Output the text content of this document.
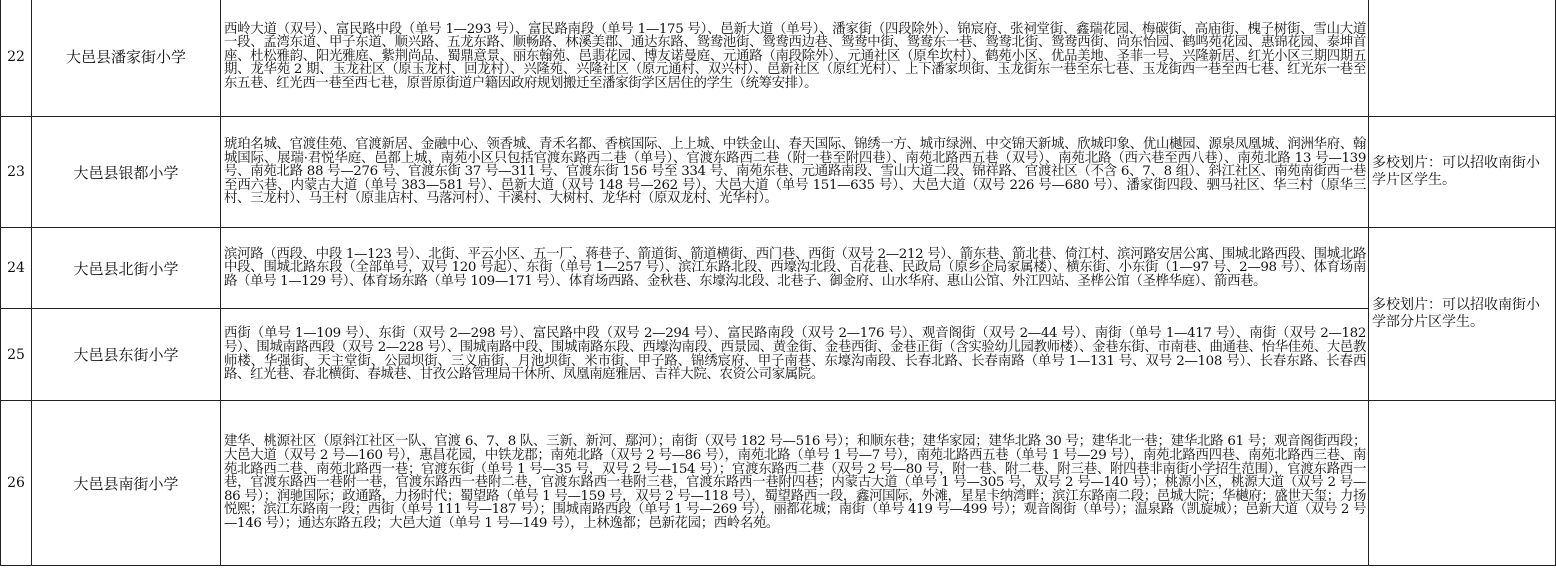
22	大邑县潘家街小学	西岭大道（双号）、富民路中段（单号 1—293 号）、富民路南段（单号 1—175 号）、邑新大道（单号）、潘家街（四段除外）、锦宸府、张祠堂街、鑫瑞花园、梅碳街、高庙街、槐子树街、雪山大道一段、孟湾东道、甲子东道、顺兴路、五龙东路、顺畅路、林溪美郡、通达东路、鸳鸯池街、鸳鸯西边巷、鸳鸯中街、鸳鸯东一巷、鸳鸯北街、鸳鸯西街、尚东怡园、鹤鸣苑花园、惠锦花园、泰坤首座、杜松雅韵、阳光雅庭、紫荆尚品、蜀鼎意景、丽东翰苑、邑翡花园、博友诺曼庭、元通路（南段除外）、元通社区（原牟坎村）、鹤苑小区、优品美地、圣菲一号、兴隆新居、红光小区三期四期五期、龙华苑 2 期、玉龙社区（原玉龙村、回龙村）、兴隆苑、兴隆社区（原元通村、双兴村）、邑新社区（原红光村）、上下潘家坝街、玉龙街东一巷至东七巷、玉龙街西一巷至西七巷、红光东一巷至东五巷、红光西一巷至西七巷，原晋原街道户籍因政府规划搬迁至潘家街学区居住的学生（统筹安排）。	
23	大邑县银都小学	琥珀名城、官渡佳苑、官渡新居、金融中心、领香城、青禾名都、香槟国际、上上城、中铁金山、春天国际、锦绣一方、城市绿洲、中交锦天新城、欣城印象、优山樾园、源泉凤凰城、润洲华府、翰城国际、展瑞·君悦华庭、邑都上城、南苑小区只包括官渡东路西二巷（单号）、官渡东路西二巷（附一巷至附四巷）、南苑北路西五巷（双号）、南苑北路（西六巷至西八巷）、南苑北路 13 号—139 号、南苑北路 88 号—276 号、官渡东街 37 号—311 号、官渡东街 156 号至 334 号、南苑东巷、元通路南段、雪山大道二段、锦祥路、官渡社区（不含 6、7、8 组）、斜江社区、南苑南街西一巷至西六巷、内蒙古大道（单号 383—581 号）、邑新大道（双号 148 号—262 号）、大邑大道（单号 151—635 号）、大邑大道（双号 226 号—680 号）、潘家街四段、驷马社区、华三村（原华三村、三龙村）、马王村（原韭店村、马落河村）、干溪村、大树村、龙华村（原双龙村、光华村）。	多校划片：可以招收南街小学片区学生。
24	大邑县北街小学	滨河路（西段、中段 1—123 号）、北街、平云小区、五一厂、蒋巷子、箭道街、箭道横街、西门巷、西街（双号 2—212 号）、箭东巷、箭北巷、倚江村、滨河路安居公寓、围城北路西段、围城北路中段、围城北路东段（全部单号，双号 120 号起）、东街（单号 1—257 号）、滨江东路北段、西壕沟北段、百花巷、民政局（原乡企局家属楼）、横东街、小东街（1—97 号、2—98 号）、体育场南路（单号 1—129 号）、体育场东路（单号 109—171 号）、体育场西路、金秋巷、东壕沟北段、北巷子、御金府、山水华府、惠山公馆、外江四站、圣桦公馆（圣桦华庭）、箭西巷。	多校划片：可以招收南街小学部分片区学生。
25	大邑县东街小学	西街（单号 1—109 号）、东街（双号 2—298 号）、富民路中段（双号 2—294 号）、富民路南段（双号 2—176 号）、观音阁街（双号 2—44 号）、南街（单号 1—417 号）、南街（双号 2—182 号）、围城南路西段（双号 2—228 号）、围城南路中段、围城南路东段、西壕沟南段、西景园、黄金街、金巷西街、金巷正街（含实验幼儿园教师楼）、金巷东街、市南巷、曲通巷、怡华佳苑、大邑教师楼、华强街、天主堂街、公园坝街、三义庙街、月池坝街、米市街、甲子路、锦绣宸府、甲子南巷、东壕沟南段、长春北路、长春南路（单号 1—131 号、双号 2—108 号）、长春东路、长春西路、红光巷、春北横街、春城巷、甘孜公路管理局干休所、凤凰南庭雅居、吉祥大院、农资公司家属院。	
26	大邑县南街小学	建华、桃源社区（原斜江社区一队、官渡 6、7、8 队、三新、新河、鄢河）；南街（双号 182 号—516 号）；和顺东巷；建华家园；建华北路 30 号；建华北一巷；建华北路 61 号；观音阁街西段；大邑大道（双号 2 号—160 号），惠昌花园，中铁龙郡；南苑北路（双号 2 号—86 号），南苑北路（单号 1 号—7 号），南苑北路西五巷（单号 1 号—29 号），南苑北路西四巷、南苑北路西三巷、南苑北路西二巷、南苑北路西一巷；官渡东街（单号 1 号—35 号，双号 2 号—154 号）；官渡东路西二巷（双号 2 号—80 号，附一巷、附二巷、附三巷、附四巷非南街小学招生范围），官渡东路西一巷，官渡东路西一巷附一巷，官渡东路西一巷附二巷，官渡东路西一巷附三巷，官渡东路西一巷附四巷；内蒙古大道（单号 1 号—305 号，双号 2 号—140 号）；桃源小区，桃源大道（双号 2 号—86 号）；润驰国际；政通路，力扬时代；蜀望路（单号 1 号—159 号，双号 2 号—118 号），蜀望路西一段，鑫河国际，外滩，星星卡纳湾畔；滨江东路南二段；邑城大院；华樾府；盛世天玺；力扬悦熙；滨江东路南一段；西街（单号 111 号—187 号）；围城南路西段（单号 1 号—269 号），丽都花城；南街（单号 419 号—499 号）；观音阁街（单号）；温泉路（凯旋城）；邑新大道（双号 2 号—146 号）；通达东路五段；大邑大道（单号 1 号—149 号），上林逸都；邑新花园；西岭名苑。	
